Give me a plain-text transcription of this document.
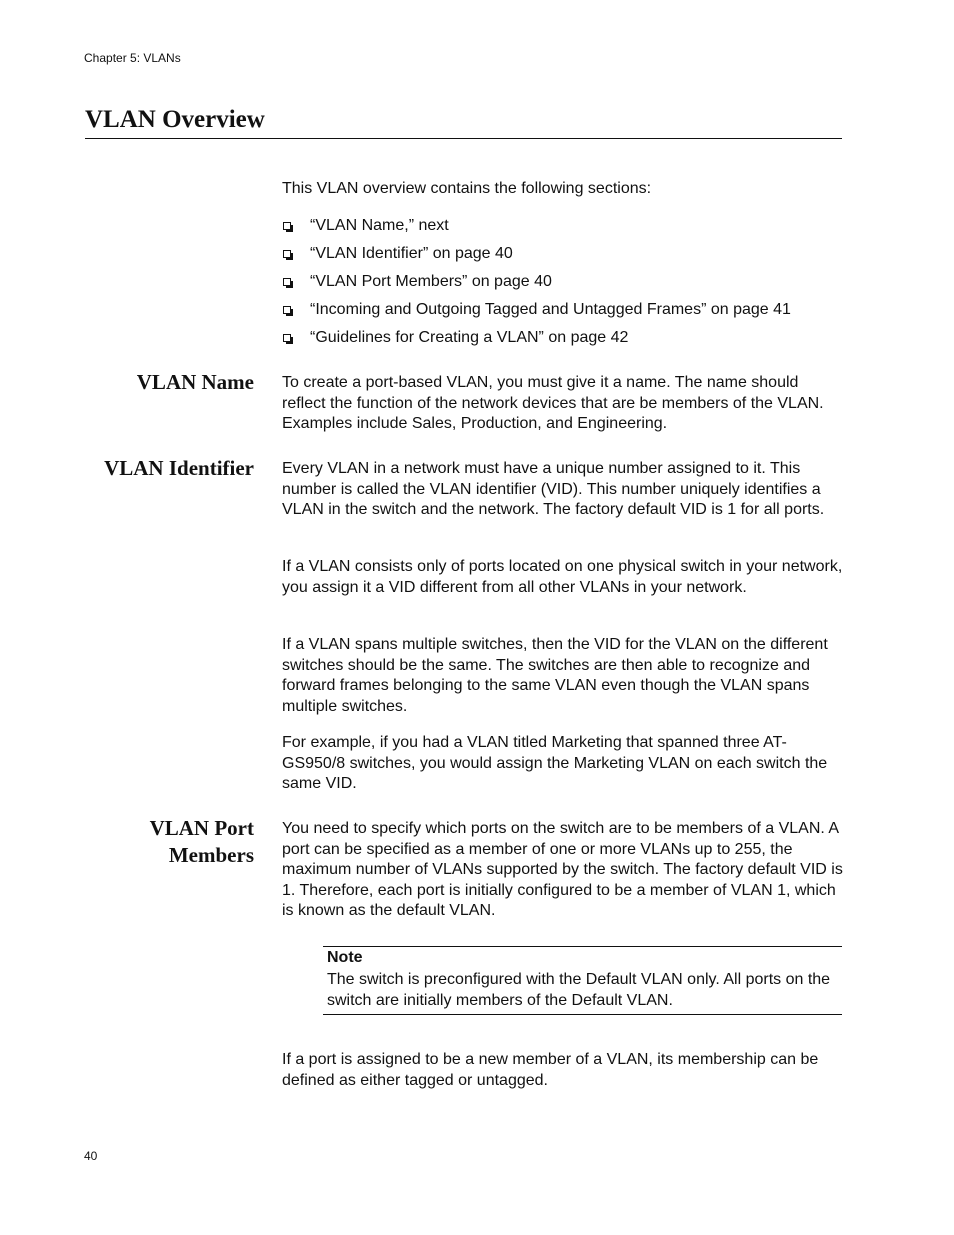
Chapter 5: VLANs
VLAN Overview
This VLAN overview contains the following sections:
“VLAN Name,” next
“VLAN Identifier” on page 40
“VLAN Port Members” on page 40
“Incoming and Outgoing Tagged and Untagged Frames” on page 41
“Guidelines for Creating a VLAN” on page 42
VLAN Name To create a port-based VLAN, you must give it a name. The name should reflect the function of the network devices that are be members of the VLAN. Examples include Sales, Production, and Engineering.

VLAN Identifier Every VLAN in a network must have a unique number assigned to it. This number is called the VLAN identifier (VID). This number uniquely identifies a VLAN in the switch and the network. The factory default VID is 1 for all ports.

If a VLAN consists only of ports located on one physical switch in your network, you assign it a VID different from all other VLANs in your network.

If a VLAN spans multiple switches, then the VID for the VLAN on the different switches should be the same. The switches are then able to recognize and forward frames belonging to the same VLAN even though the VLAN spans multiple switches.

For example, if you had a VLAN titled Marketing that spanned three AT-GS950/8 switches, you would assign the Marketing VLAN on each switch the same VID.

VLAN Port
Members

You need to specify which ports on the switch are to be members of a VLAN. A port can be specified as a member of one or more VLANs up to 255, the maximum number of VLANs supported by the switch. The factory default VID is 1. Therefore, each port is initially configured to be a member of VLAN 1, which is known as the default VLAN.

Note
The switch is preconfigured with the Default VLAN only. All ports on the switch are initially members of the Default VLAN.

If a port is assigned to be a new member of a VLAN, its membership can be defined as either tagged or untagged.

40
